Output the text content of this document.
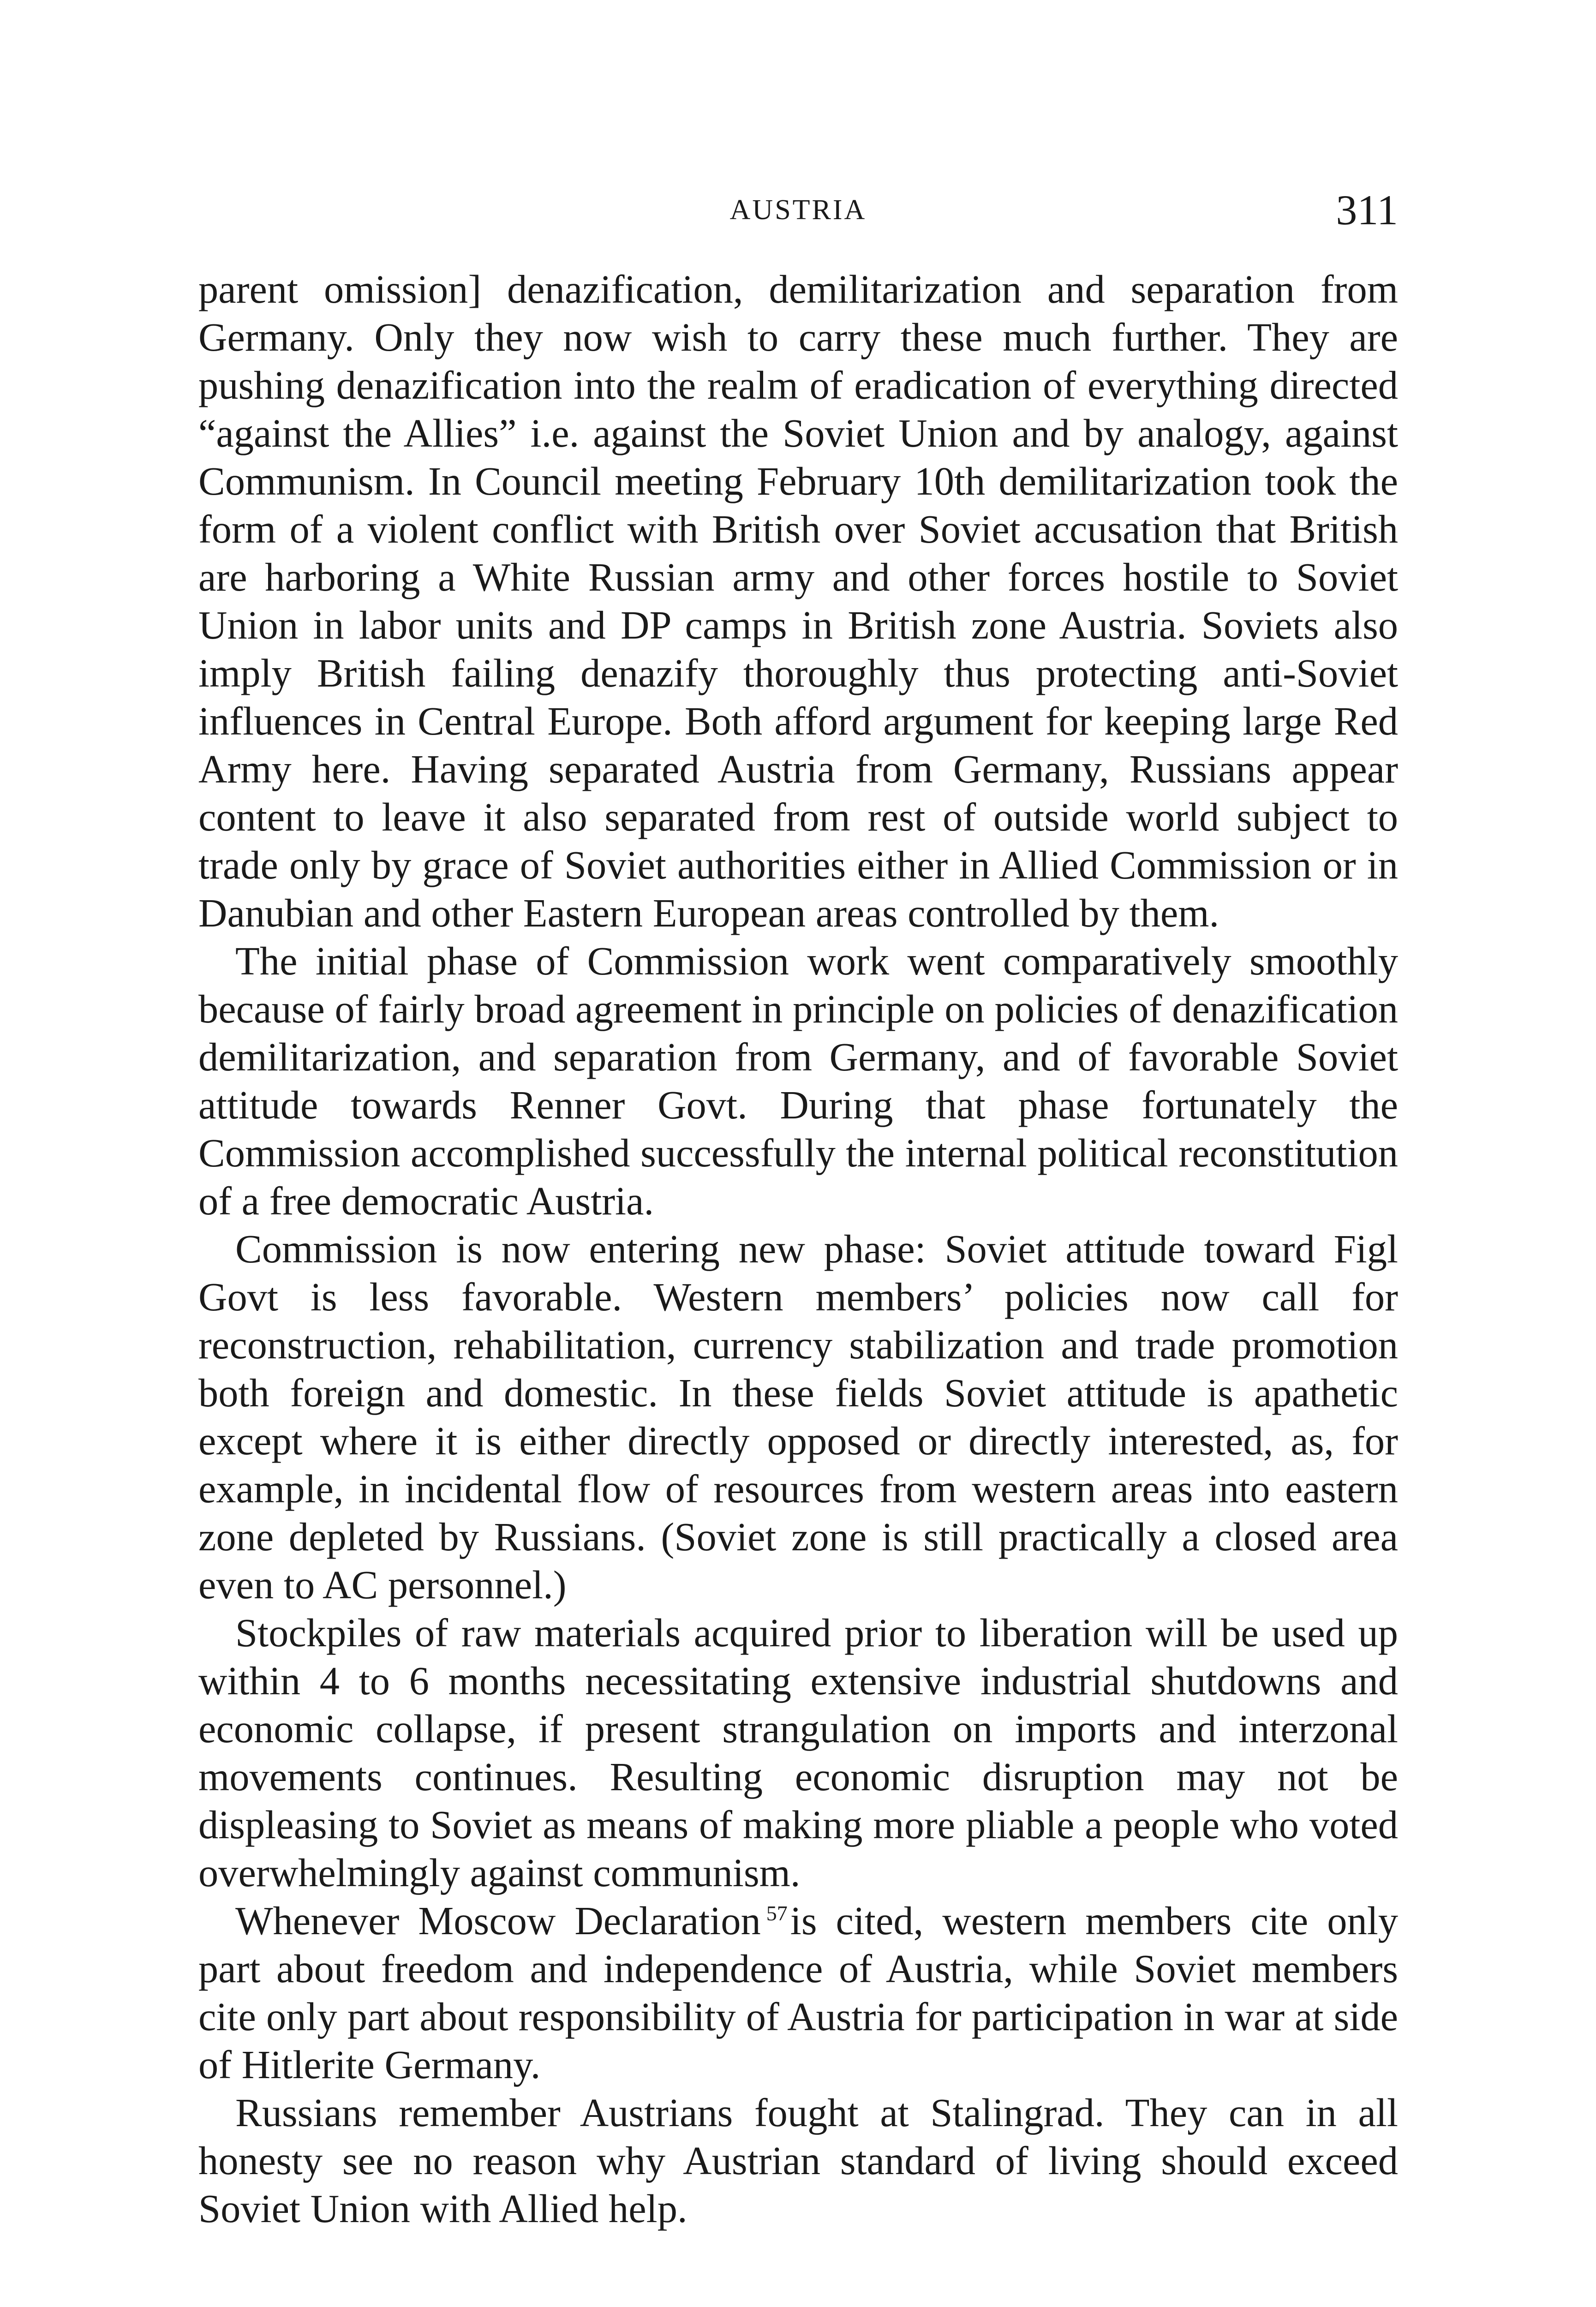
AUSTRIA	311

parent omission] denazification, demilitarization and separation from Germany. Only they now wish to carry these much further. They are pushing denazification into the realm of eradication of everything directed “against the Allies” i.e. against the Soviet Union and by analogy, against Communism. In Council meeting February 10th demilitarization took the form of a violent conflict with British over Soviet accusation that British are harboring a White Russian army and other forces hostile to Soviet Union in labor units and DP camps in British zone Austria. Soviets also imply British failing denazify thoroughly thus protecting anti-Soviet influences in Central Europe. Both afford argument for keeping large Red Army here. Having separated Austria from Germany, Russians appear content to leave it also separated from rest of outside world subject to trade only by grace of Soviet authorities either in Allied Commission or in Danubian and other Eastern European areas controlled by them.

The initial phase of Commission work went comparatively smoothly because of fairly broad agreement in principle on policies of denazification demilitarization, and separation from Germany, and of favorable Soviet attitude towards Renner Govt. During that phase fortunately the Commission accomplished successfully the internal political reconstitution of a free democratic Austria.

Commission is now entering new phase: Soviet attitude toward Figl Govt is less favorable. Western members’ policies now call for reconstruction, rehabilitation, currency stabilization and trade promotion both foreign and domestic. In these fields Soviet attitude is apathetic except where it is either directly opposed or directly interested, as, for example, in incidental flow of resources from western areas into eastern zone depleted by Russians. (Soviet zone is still practically a closed area even to AC personnel.)

Stockpiles of raw materials acquired prior to liberation will be used up within 4 to 6 months necessitating extensive industrial shutdowns and economic collapse, if present strangulation on imports and interzonal movements continues. Resulting economic disruption may not be displeasing to Soviet as means of making more pliable a people who voted overwhelmingly against communism.

Whenever Moscow Declaration $^{57}$is cited, western members cite only part about freedom and independence of Austria, while Soviet members cite only part about responsibility of Austria for participation in war at side of Hitlerite Germany.

Russians remember Austrians fought at Stalingrad. They can in all honesty see no reason why Austrian standard of living should exceed Soviet Union with Allied help.
